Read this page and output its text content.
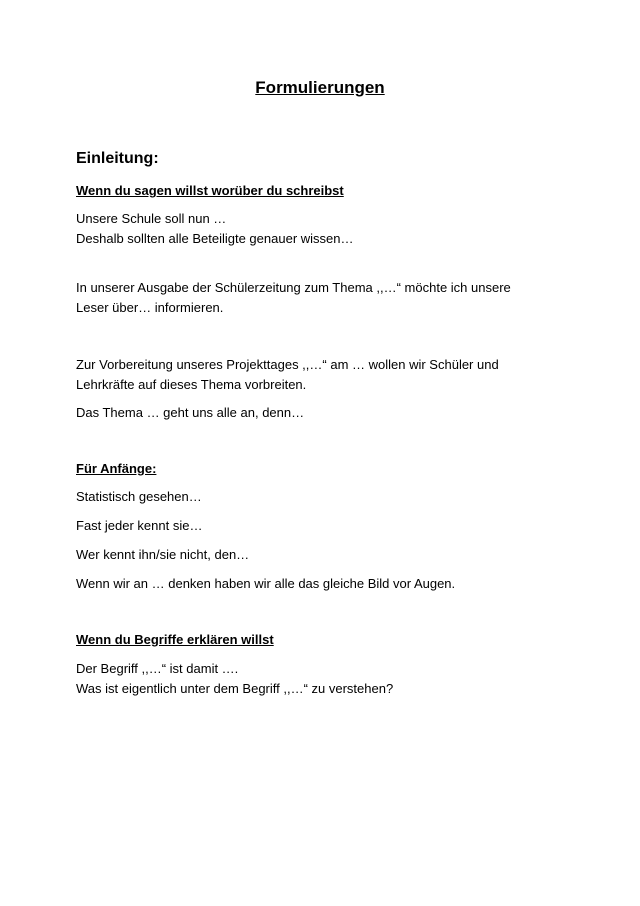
Formulierungen
Einleitung:
Wenn du sagen willst worüber du schreibst

Unsere Schule soll nun …

Deshalb sollten alle Beteiligte genauer wissen…

In unserer Ausgabe der Schülerzeitung zum Thema ,,…“ möchte ich unsere

Leser über… informieren.

Zur Vorbereitung unseres Projekttages ,,…“ am … wollen wir Schüler und

Lehrkräfte auf dieses Thema vorbreiten.

Das Thema … geht uns alle an, denn…

Für Anfänge:

Statistisch gesehen…

Fast jeder kennt sie…

Wer kennt ihn/sie nicht, den…

Wenn wir an … denken haben wir alle das gleiche Bild vor Augen.

Wenn du Begriffe erklären willst

Der Begriff ,,…“ ist damit ….

Was ist eigentlich unter dem Begriff ,,…“ zu verstehen?
